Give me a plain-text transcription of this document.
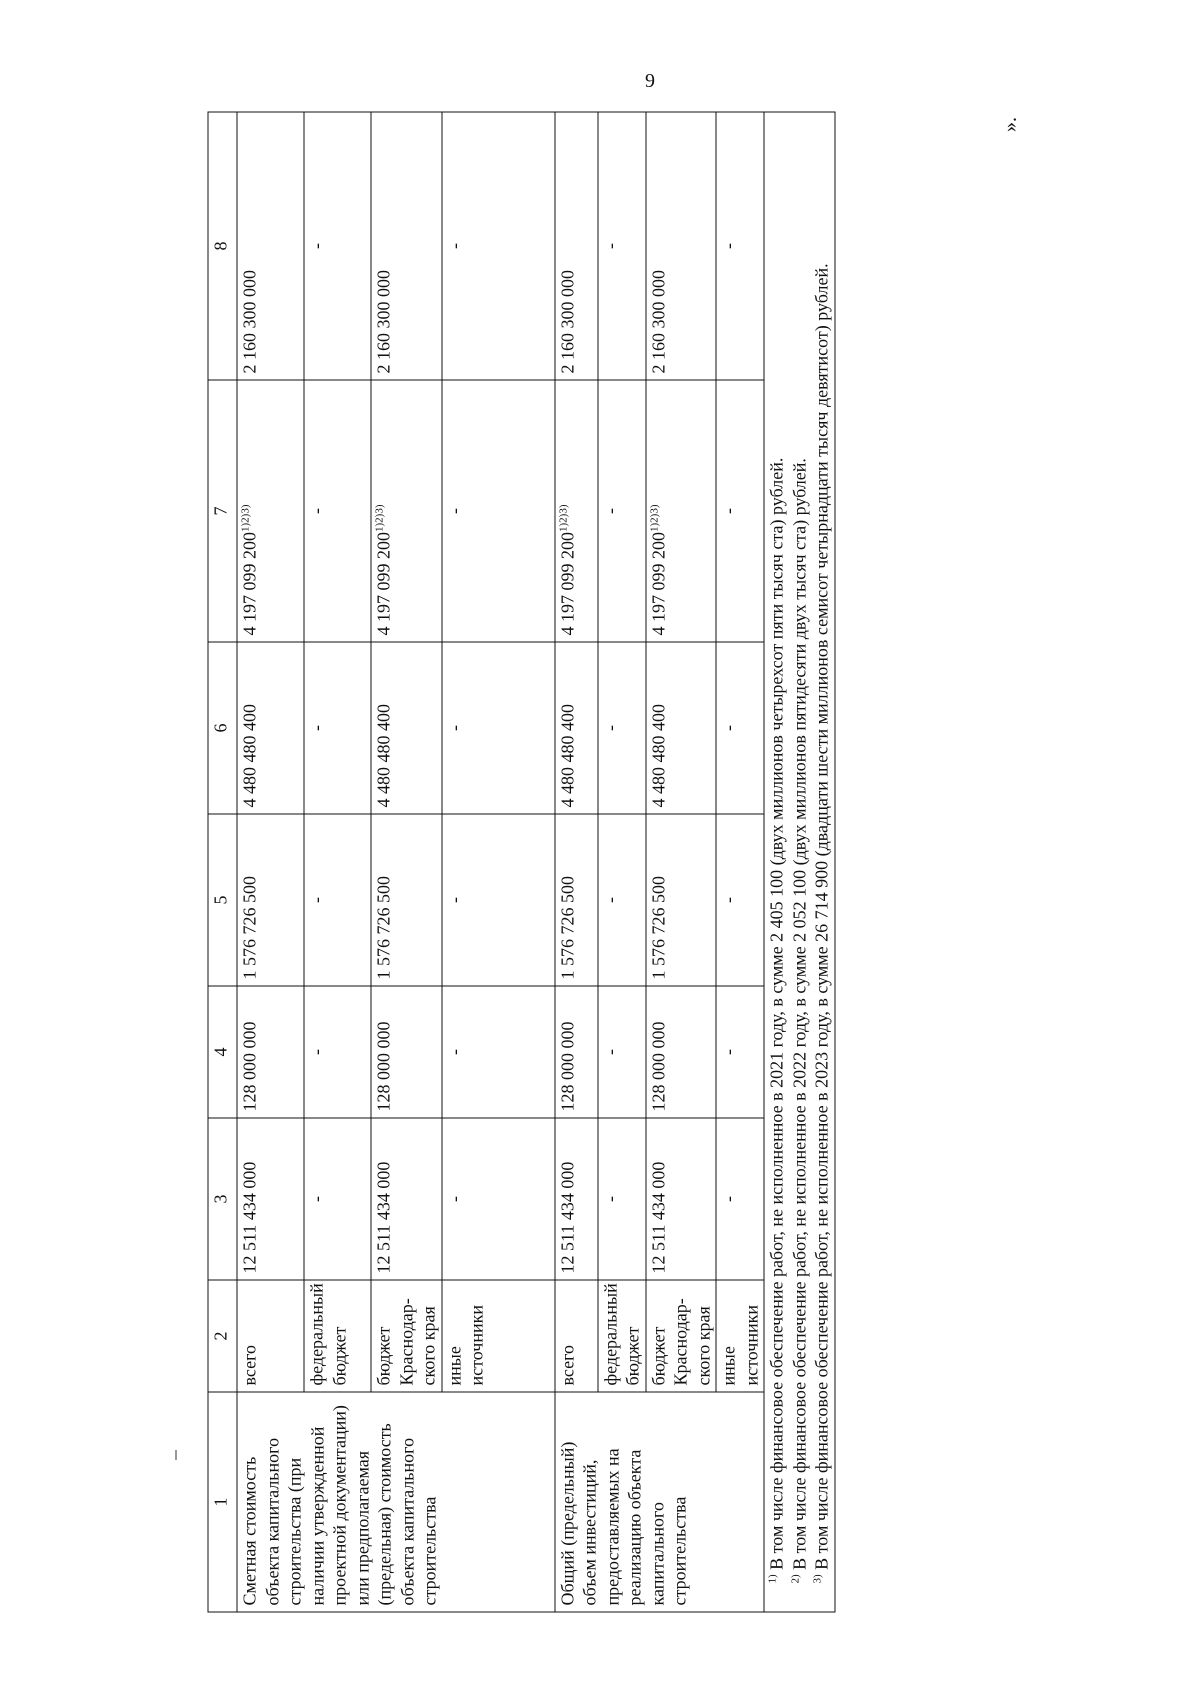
9
».
1	2	3	4	5	6	7	8
Сметная стоимость объекта капитального строительства (при наличии утвержденной проектной документации) или предполагаемая (предельная) стоимость объекта капитального строительства	всего	12 511 434 000	128 000 000	1 576 726 500	4 480 480 400	4 197 099 $200^{1)2)3)}$	2 160 300 000
	федеральный бюджет	-	-	-	-	-	-
	бюджет Краснодар-ского края	12 511 434 000	128 000 000	1 576 726 500	4 480 480 400	4 197 099 $200^{1)2)3)}$	2 160 300 000
	иные источники	-	-	-	-	-	-
Общий (предельный) объем инвестиций, предоставляемых на реализацию объекта капитального строительства	всего	12 511 434 000	128 000 000	1 576 726 500	4 480 480 400	4 197 099 $200^{1)2)3)}$	2 160 300 000
	федеральный бюджет	-	-	-	-	-	-
	бюджет Краснодар-ского края	12 511 434 000	128 000 000	1 576 726 500	4 480 480 400	4 197 099 $200^{1)2)3)}$	2 160 300 000
	иные источники	-	-	-	-	-	-

$^{1)}$ В том числе финансовое обеспечение работ, не исполненное в 2021 году, в сумме 2 405 100 (двух миллионов четырехсот пяти тысяч ста) рублей.
$^{2)}$ В том числе финансовое обеспечение работ, не исполненное в 2022 году, в сумме 2 052 100 (двух миллионов пятидесяти двух тысяч ста) рублей.
$^{3)}$ В том числе финансовое обеспечение работ, не исполненное в 2023 году, в сумме 26 714 900 (двадцати шести миллионов семисот четырнадцати тысяч девятисот) рублей.							
